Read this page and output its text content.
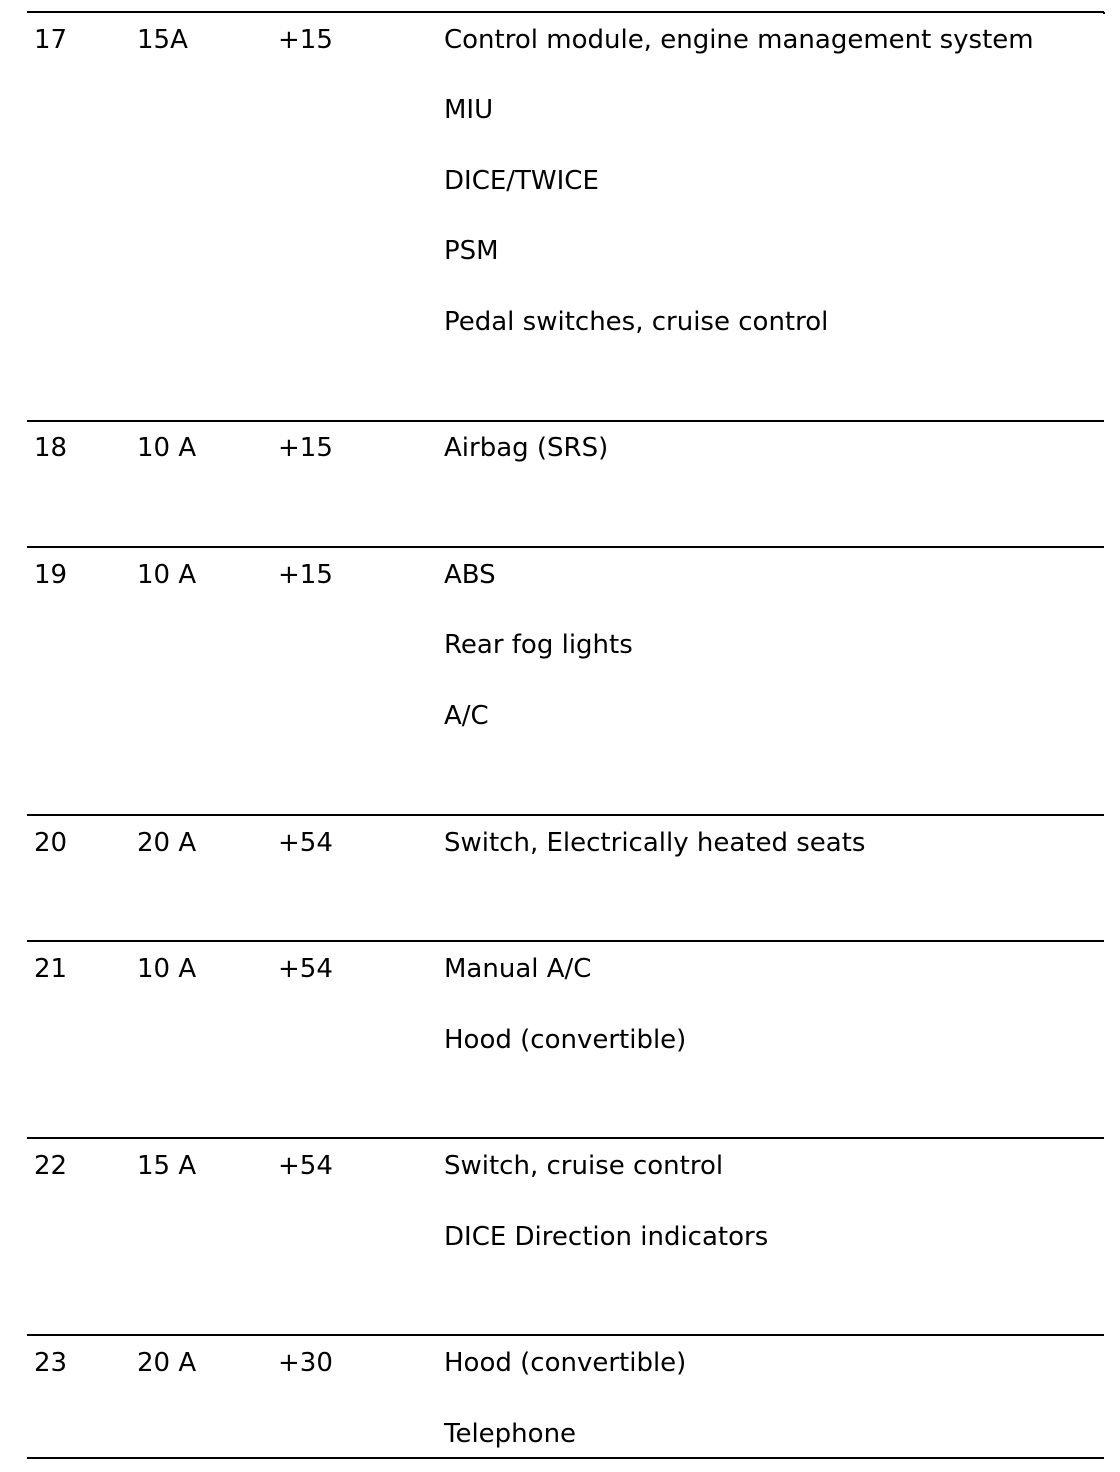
17	15A	+15	Control module, engine management system
MIU
DICE/TWICE
PSM
Pedal switches, cruise control
18	10 A	+15	Airbag (SRS)
19	10 A	+15	ABS
Rear fog lights
A/C
20	20 A	+54	Switch, Electrically heated seats
21	10 A	+54	Manual A/C
Hood (convertible)
22	15 A	+54	Switch, cruise control
DICE Direction indicators
23	20 A	+30	Hood (convertible)
Telephone
